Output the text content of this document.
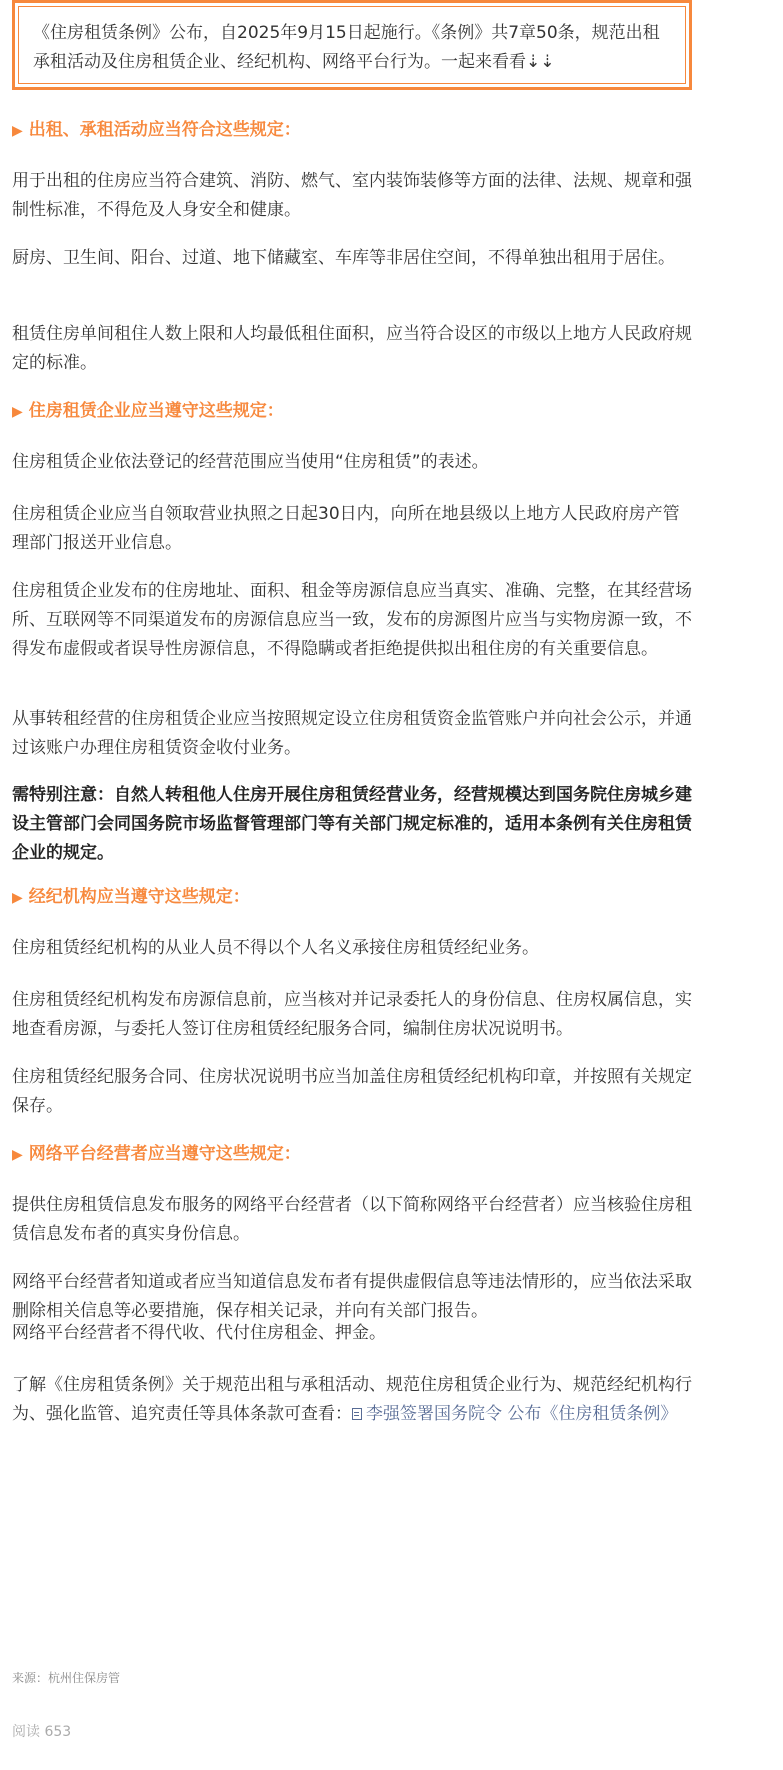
《住房租赁条例》公布，自2025年9月15日起施行。《条例》共7章50条，规范出租承租活动及住房租赁企业、经纪机构、网络平台行为。一起来看看⇣⇣
▶ 出租、承租活动应当符合这些规定：
用于出租的住房应当符合建筑、消防、燃气、室内装饰装修等方面的法律、法规、规章和强制性标准，不得危及人身安全和健康。
厨房、卫生间、阳台、过道、地下储藏室、车库等非居住空间，不得单独出租用于居住。
租赁住房单间租住人数上限和人均最低租住面积，应当符合设区的市级以上地方人民政府规定的标准。
▶ 住房租赁企业应当遵守这些规定：
住房租赁企业依法登记的经营范围应当使用“住房租赁”的表述。
住房租赁企业应当自领取营业执照之日起30日内，向所在地县级以上地方人民政府房产管理部门报送开业信息。
住房租赁企业发布的住房地址、面积、租金等房源信息应当真实、准确、完整，在其经营场所、互联网等不同渠道发布的房源信息应当一致，发布的房源图片应当与实物房源一致，不得发布虚假或者误导性房源信息，不得隐瞒或者拒绝提供拟出租住房的有关重要信息。
从事转租经营的住房租赁企业应当按照规定设立住房租赁资金监管账户并向社会公示，并通过该账户办理住房租赁资金收付业务。
需特别注意：自然人转租他人住房开展住房租赁经营业务，经营规模达到国务院住房城乡建设主管部门会同国务院市场监督管理部门等有关部门规定标准的，适用本条例有关住房租赁企业的规定。
▶ 经纪机构应当遵守这些规定：
住房租赁经纪机构的从业人员不得以个人名义承接住房租赁经纪业务。
住房租赁经纪机构发布房源信息前，应当核对并记录委托人的身份信息、住房权属信息，实地查看房源，与委托人签订住房租赁经纪服务合同，编制住房状况说明书。
住房租赁经纪服务合同、住房状况说明书应当加盖住房租赁经纪机构印章，并按照有关规定保存。
▶ 网络平台经营者应当遵守这些规定：
提供住房租赁信息发布服务的网络平台经营者（以下简称网络平台经营者）应当核验住房租赁信息发布者的真实身份信息。
网络平台经营者知道或者应当知道信息发布者有提供虚假信息等违法情形的，应当依法采取删除相关信息等必要措施，保存相关记录，并向有关部门报告。
网络平台经营者不得代收、代付住房租金、押金。
了解《住房租赁条例》关于规范出租与承租活动、规范住房租赁企业行为、规范经纪机构行为、强化监管、追究责任等具体条款可查看： 李强签署国务院令 公布《住房租赁条例》
来源：杭州住保房管
阅读 653
